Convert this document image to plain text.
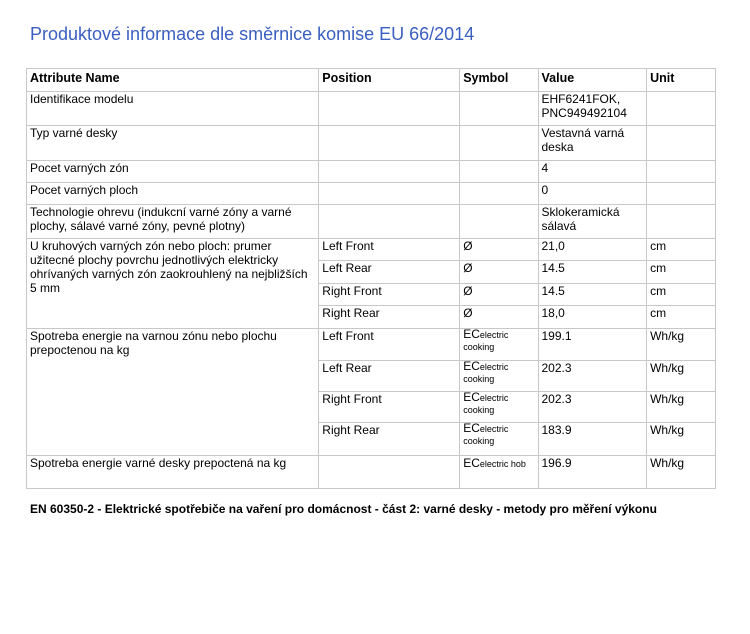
Produktové informace dle směrnice komise EU 66/2014
Attribute Name	Position	Symbol	Value	Unit
Identifikace modelu			EHF6241FOK,
PNC949492104	
Typ varné desky			Vestavná varná
deska	
Pocet varných zón			4	
Pocet varných ploch			0	
Technologie ohrevu (indukcní varné zóny a varné plochy, sálavé varné zóny, pevné plotny)			Sklokeramická
sálavá	
U kruhových varných zón nebo ploch: prumer užitecné plochy povrchu jednotlivých elektricky ohrívaných varných zón zaokrouhlený na nejbližších 5 mm	Left Front	Ø	21,0	cm
	Left Rear	Ø	14.5	cm
	Right Front	Ø	14.5	cm
	Right Rear	Ø	18,0	cm
Spotreba energie na varnou zónu nebo plochu prepoctenou na kg	Left Front	ECelectric
cooking	199.1	Wh/kg
	Left Rear	ECelectric
cooking	202.3	Wh/kg
	Right Front	ECelectric
cooking	202.3	Wh/kg
	Right Rear	ECelectric
cooking	183.9	Wh/kg
Spotreba energie varné desky prepoctená na kg		ECelectric hob	196.9	Wh/kg

EN 60350-2 - Elektrické spotřebiče na vaření pro domácnost - část 2: varné desky - metody pro měření výkonu
